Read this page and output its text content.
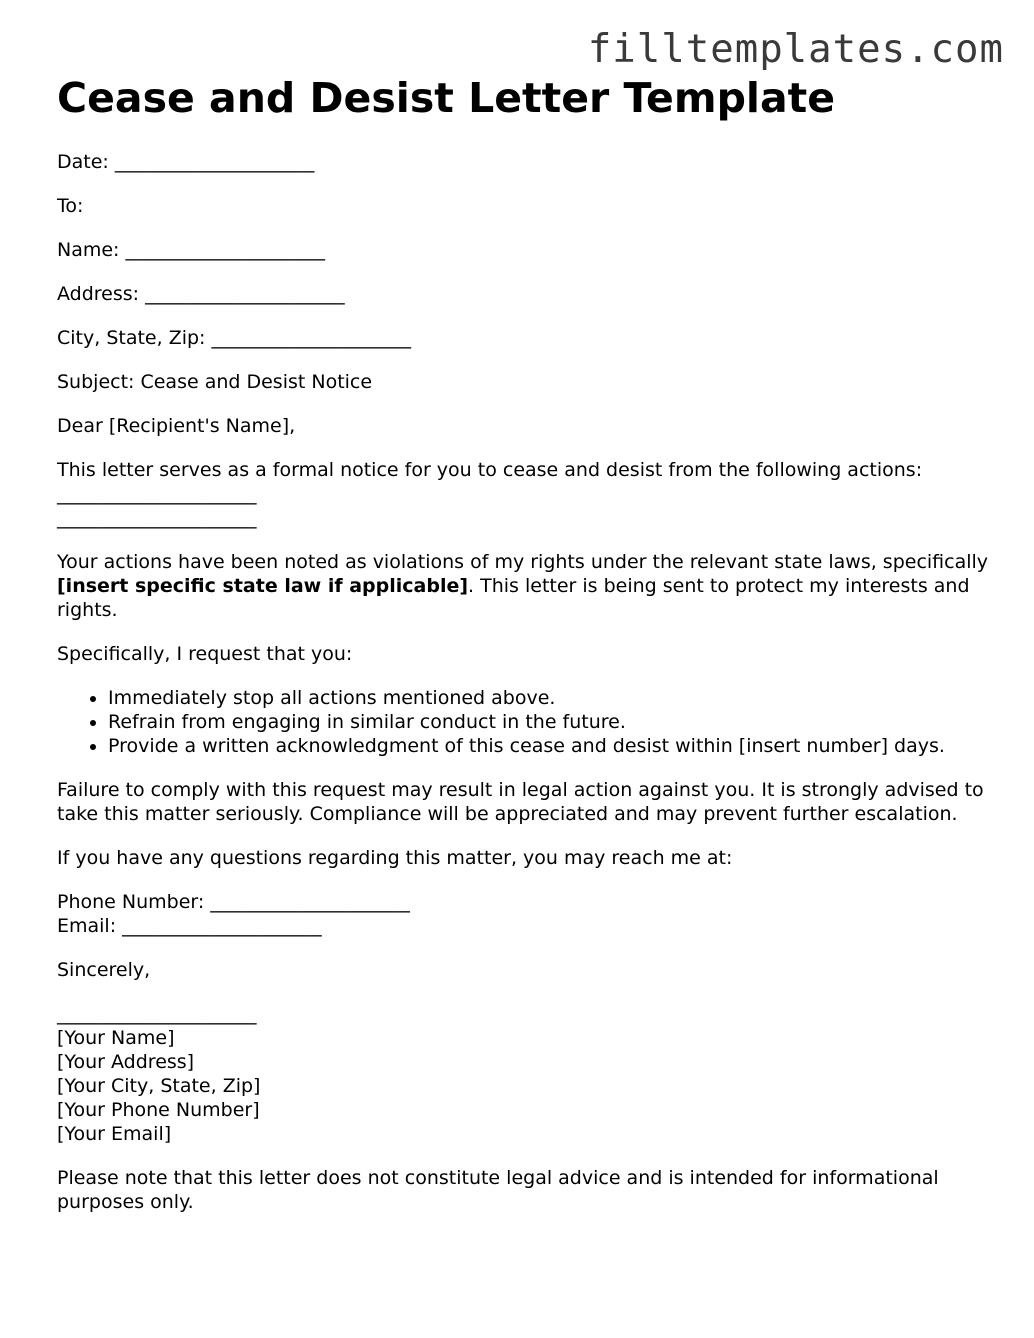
filltemplates.com
Cease and Desist Letter Template

Date: _____________________

To:

Name: _____________________

Address: _____________________

City, State, Zip: _____________________

Subject: Cease and Desist Notice

Dear [Recipient's Name],

This letter serves as a formal notice for you to cease and desist from the following actions:
_____________________
_____________________

Your actions have been noted as violations of my rights under the relevant state laws, specifically [insert specific state law if applicable]. This letter is being sent to protect my interests and rights.

Specifically, I request that you:

• Immediately stop all actions mentioned above.
• Refrain from engaging in similar conduct in the future.
• Provide a written acknowledgment of this cease and desist within [insert number] days.

Failure to comply with this request may result in legal action against you. It is strongly advised to take this matter seriously. Compliance will be appreciated and may prevent further escalation.

If you have any questions regarding this matter, you may reach me at:

Phone Number: _____________________
Email: _____________________

Sincerely,
_____________________
[Your Name]
[Your Address]
[Your City, State, Zip]
[Your Phone Number]
[Your Email]

Please note that this letter does not constitute legal advice and is intended for informational purposes only.
